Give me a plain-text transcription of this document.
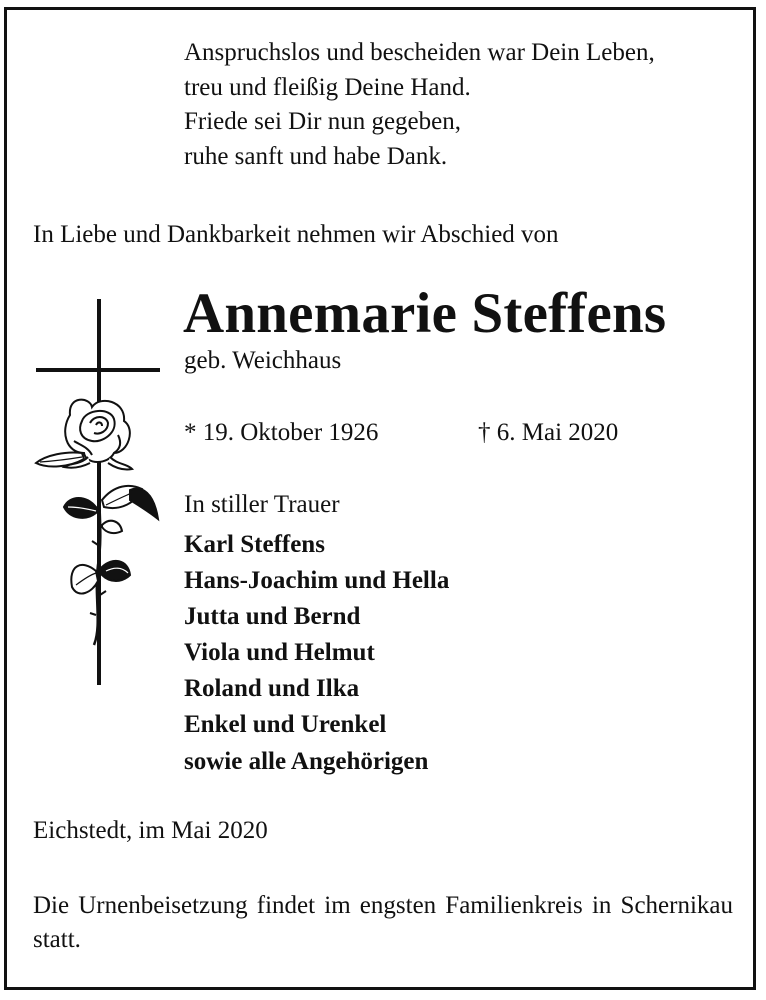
Anspruchslos und bescheiden war Dein Leben,
treu und fleißig Deine Hand.
Friede sei Dir nun gegeben,
ruhe sanft und habe Dank.
In Liebe und Dankbarkeit nehmen wir Abschied von
Annemarie Steffens
geb. Weichhaus
* 19. Oktober 1926	† 6. Mai 2020
In stiller Trauer
Karl Steffens
Hans-Joachim und Hella
Jutta und Bernd
Viola und Helmut
Roland und Ilka
Enkel und Urenkel
sowie alle Angehörigen
Eichstedt, im Mai 2020
Die Urnenbeisetzung findet im engsten Familienkreis in Schernikau statt.
